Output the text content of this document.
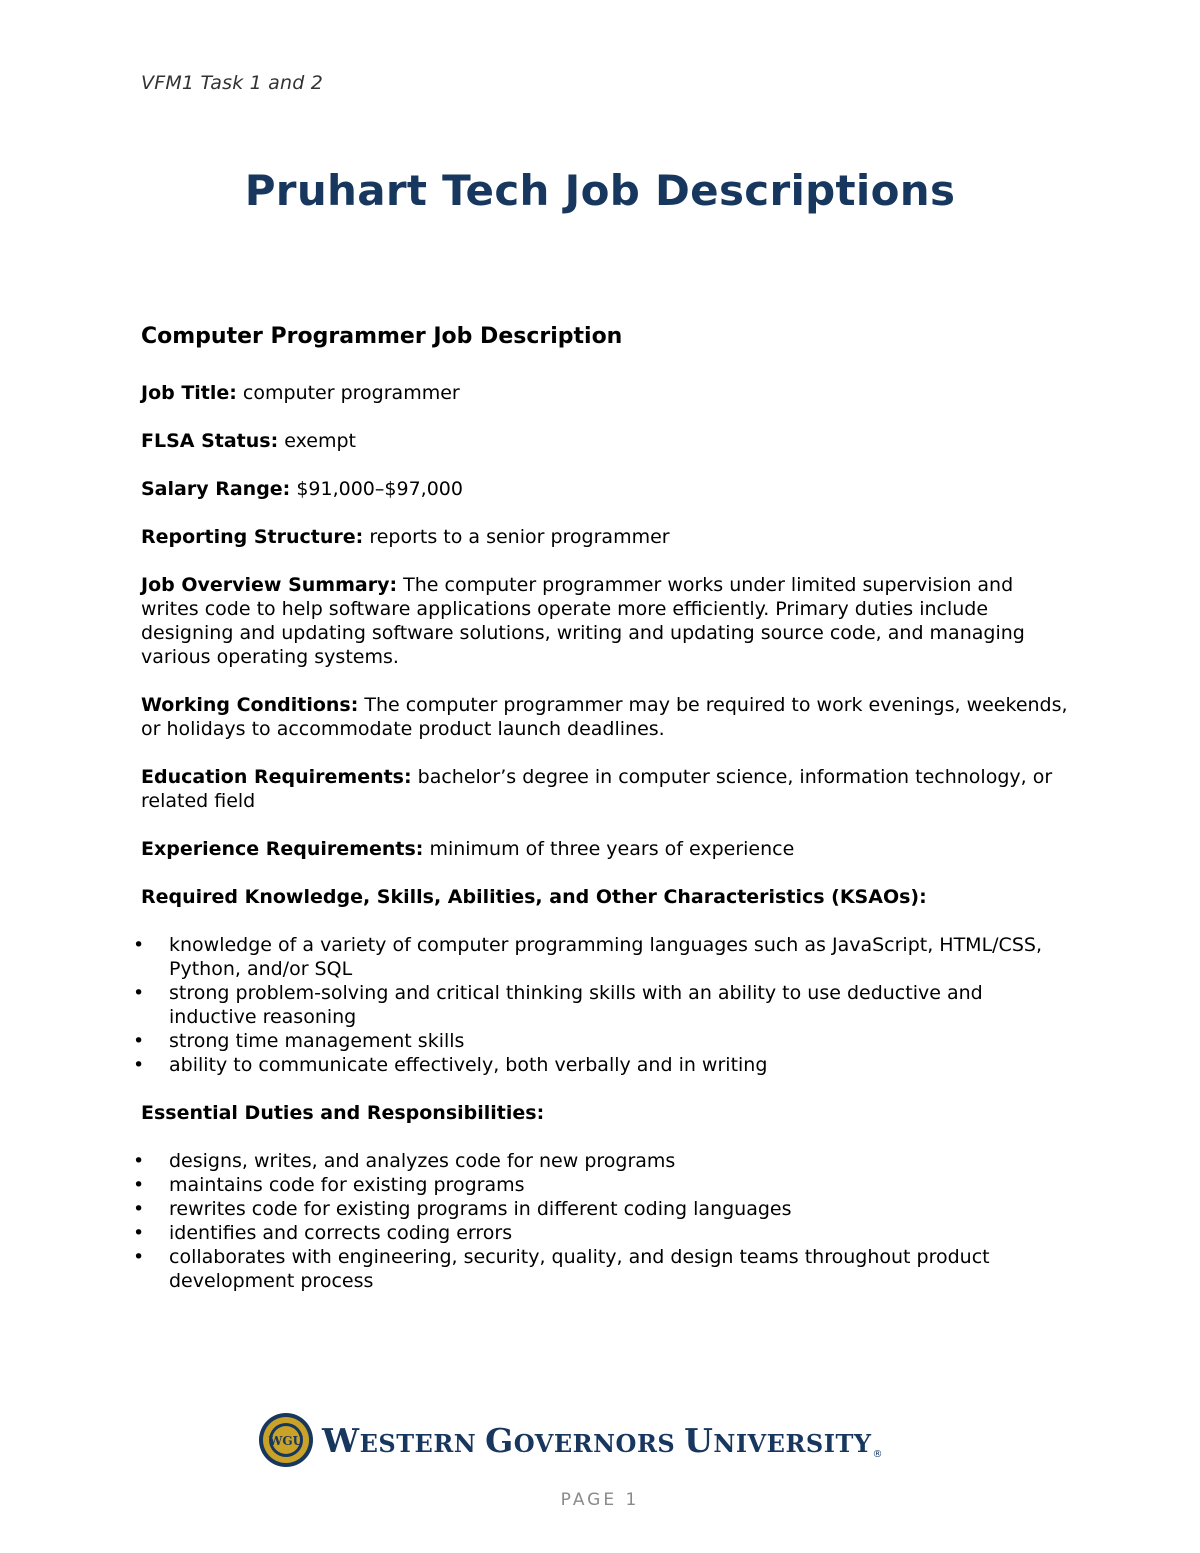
VFM1 Task 1 and 2
Pruhart Tech Job Descriptions
Computer Programmer Job Description
Job Title: computer programmer
FLSA Status: exempt
Salary Range: $91,000–$97,000
Reporting Structure: reports to a senior programmer
Job Overview Summary: The computer programmer works under limited supervision and writes code to help software applications operate more efficiently. Primary duties include designing and updating software solutions, writing and updating source code, and managing various operating systems.
Working Conditions: The computer programmer may be required to work evenings, weekends, or holidays to accommodate product launch deadlines.
Education Requirements: bachelor’s degree in computer science, information technology, or related field
Experience Requirements: minimum of three years of experience
Required Knowledge, Skills, Abilities, and Other Characteristics (KSAOs):
• knowledge of a variety of computer programming languages such as JavaScript, HTML/CSS, Python, and/or SQL
• strong problem-solving and critical thinking skills with an ability to use deductive and inductive reasoning
• strong time management skills
• ability to communicate effectively, both verbally and in writing
Essential Duties and Responsibilities:
• designs, writes, and analyzes code for new programs
• maintains code for existing programs
• rewrites code for existing programs in different coding languages
• identifies and corrects coding errors
• collaborates with engineering, security, quality, and design teams throughout product development process
WGU WESTERN GOVERNORS UNIVERSITY®
PAGE 1
